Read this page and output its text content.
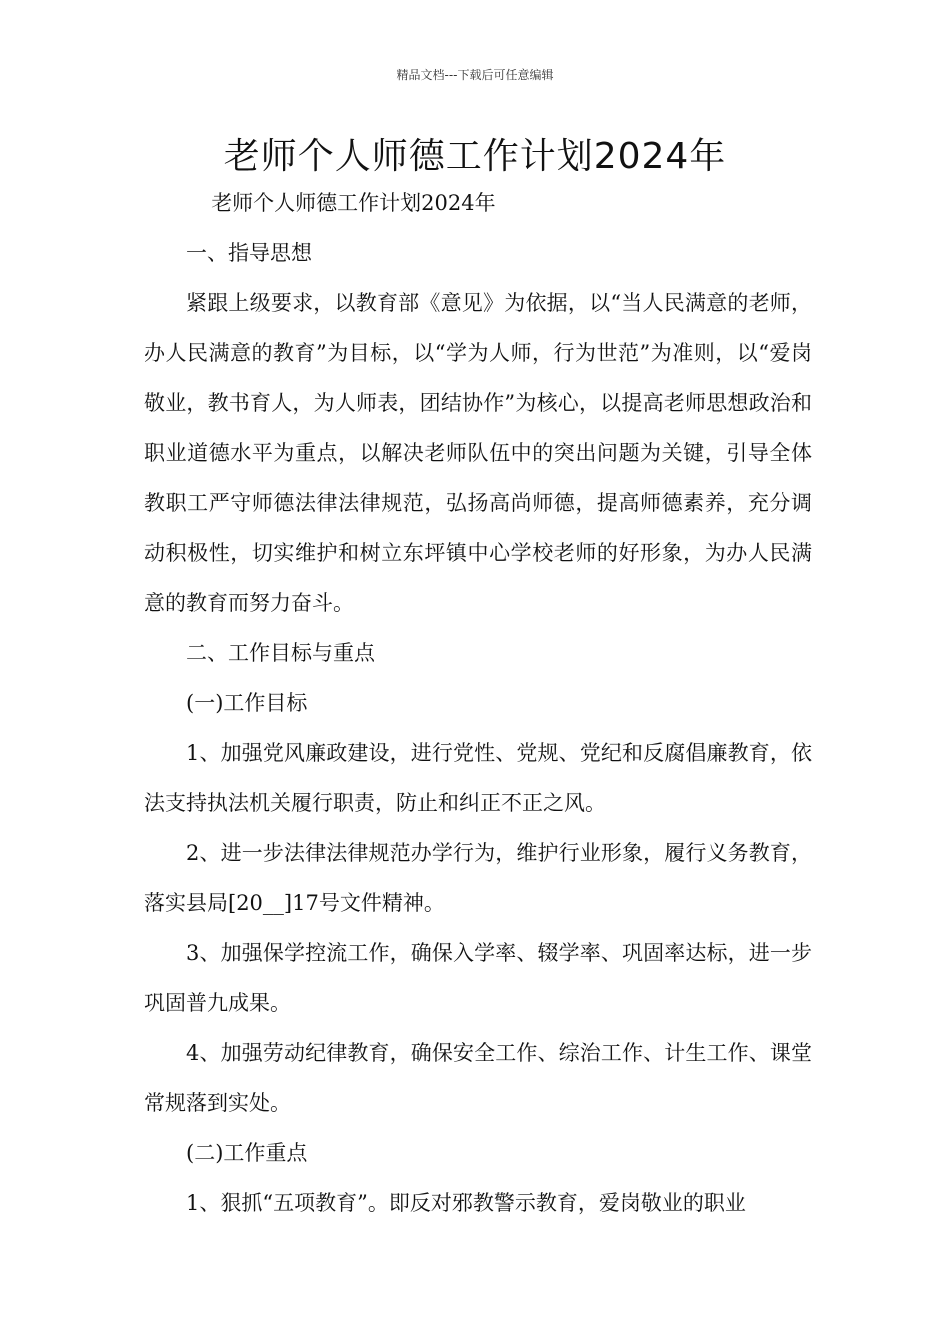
精品文档---下载后可任意编辑
老师个人师德工作计划2024年

老师个人师德工作计划2024年

一、指导思想

紧跟上级要求，以教育部《意见》为依据，以“当人民满意的老师，办人民满意的教育”为目标，以“学为人师，行为世范”为准则，以“爱岗敬业，教书育人，为人师表，团结协作”为核心，以提高老师思想政治和职业道德水平为重点，以解决老师队伍中的突出问题为关键，引导全体教职工严守师德法律法律规范，弘扬高尚师德，提高师德素养，充分调动积极性，切实维护和树立东坪镇中心学校老师的好形象，为办人民满意的教育而努力奋斗。

二、工作目标与重点

(一)工作目标

1、加强党风廉政建设，进行党性、党规、党纪和反腐倡廉教育，依法支持执法机关履行职责，防止和纠正不正之风。

2、进一步法律法律规范办学行为，维护行业形象，履行义务教育，落实县局[20__]17号文件精神。

3、加强保学控流工作，确保入学率、辍学率、巩固率达标，进一步巩固普九成果。

4、加强劳动纪律教育，确保安全工作、综治工作、计生工作、课堂常规落到实处。

(二)工作重点

1、狠抓“五项教育”。即反对邪教警示教育，爱岗敬业的职业
